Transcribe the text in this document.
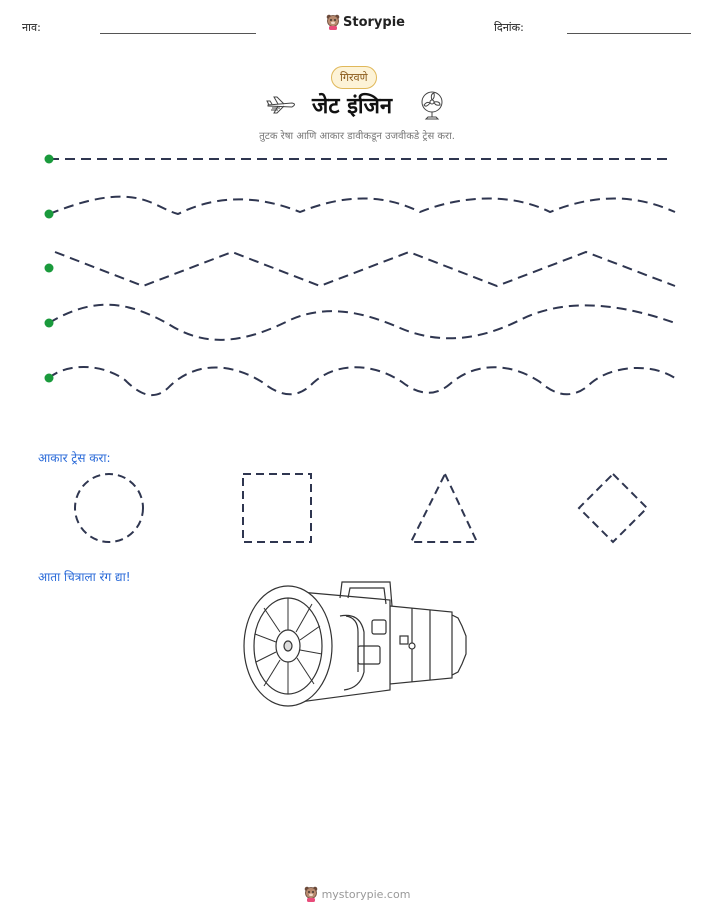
नाव:	Storypie	दिनांक:
गिरवणे
जेट इंजिन
तुटक रेषा आणि आकार डावीकडून उजवीकडे ट्रेस करा.
आकार ट्रेस करा:
आता चित्राला रंग द्या!
mystorypie.com
